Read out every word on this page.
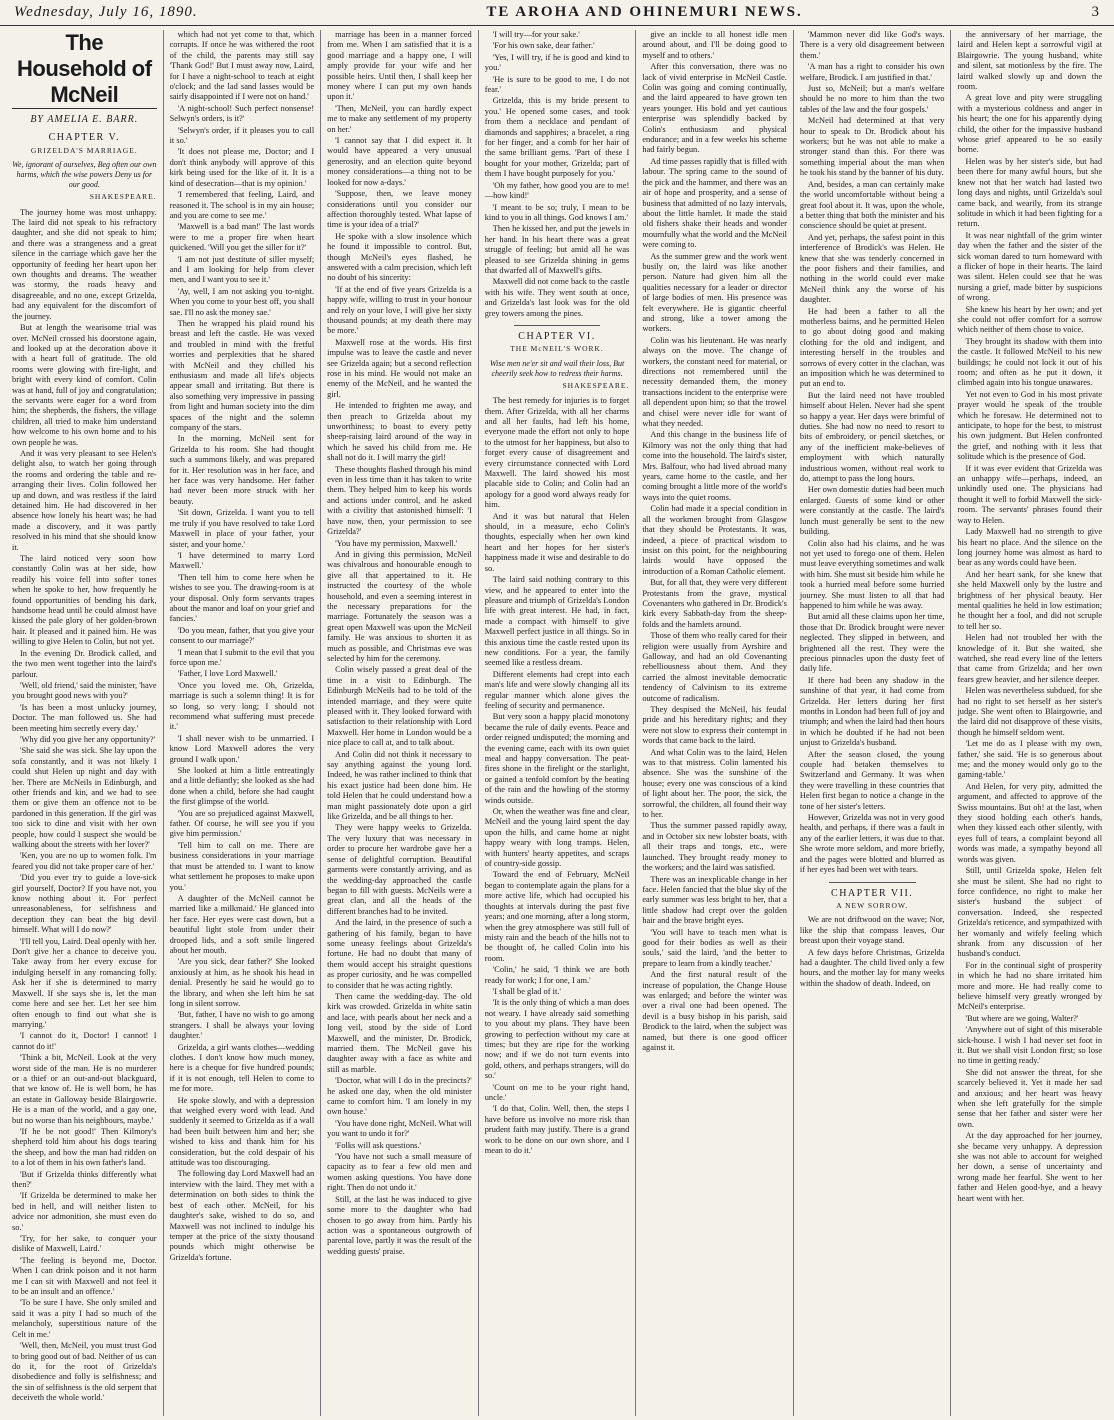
Wednesday, July 16, 1890.	TE AROHA AND OHINEMURI NEWS.	3
The Household of McNeil
BY AMELIA E. BARR.
CHAPTER V.
GRIZELDA'S MARRIAGE.
We, ignorant of ourselves, Beg often our own harms, which the wise powers Deny us for our good.
SHAKESPEARE.

The journey home was most unhappy. The laird did not speak to his refractory daughter, and she did not speak to him; and there was a strangeness and a great silence in the carriage which gave her the opportunity of feeding her heart upon her own thoughts and dreams. The weather was stormy, the roads heavy and disagreeable, and no one, except Grizelda, had any equivalent for the discomfort of the journey.

But at length the wearisome trial was over. McNeil crossed his doorstone again, and looked up at the decoration above it with a heart full of gratitude. The old rooms were glowing with fire-light, and bright with every kind of comfort. Colin was at hand, full of joy and congratulation; the servants were eager for a word from him; the shepherds, the fishers, the village children, all tried to make him understand how welcome to his own home and to his own people he was.

And it was very pleasant to see Helen's delight also, to watch her going through the rooms and ordering the table and re-arranging their lives. Colin followed her up and down, and was restless if the laird detained him. He had discovered in her absence how lonely his heart was; he had made a discovery, and it was partly resolved in his mind that she should know it.

The laird noticed very soon how constantly Colin was at her side, how readily his voice fell into softer tones when he spoke to her, how frequently he found opportunities of bending his dark, handsome head until he could almost have kissed the pale glory of her golden-brown hair. It pleased and it pained him. He was willing to give Helen to Colin, but not yet.

In the evening Dr. Brodick called, and the two men went together into the laird's parlour.

'Well, old friend,' said the minister, 'have you brought good news with you?'

'Is has been a most unlucky journey, Doctor. The man followed us. She had been meeting him secretly every day.'

'Why did you give her any opportunity?'

'She said she was sick. She lay upon the sofa constantly, and it was not likely I could shut Helen up night and day with her. There are McNeils in Edinburgh, and other friends and kin, and we had to see them or give them an offence not to be pardoned in this generation. If the girl was too sick to dine and visit with her own people, how could I suspect she would be walking about the streets with her lover?'

'Ken, you are no up to women folk. I'm feared you did not take proper care of her.'

'Did you ever try to guide a love-sick girl yourself, Doctor? If you have not, you know nothing about it. For perfect unreasonableness, for selfishness and deception they can beat the big devil himself. What will I do now?'

'I'll tell you, Laird. Deal openly with her. Don't give her a chance to deceive you. Take away from her every excuse for indulging herself in any romancing folly. Ask her if she is determined to marry Maxwell. If she says she is, let the man come here and see her. Let her see him often enough to find out what she is marrying.'

'I cannot do it, Doctor! I cannot! I cannot do it!'

'Think a bit, McNeil. Look at the very worst side of the man. He is no murderer or a thief or an out-and-out blackguard, that we know of. He is well born, he has an estate in Galloway beside Blairgowrie. He is a man of the world, and a gay one, but no worse than his neighbours, maybe.'

'If he be not good!' Then Kilmory's shepherd told him about his dogs tearing the sheep, and how the man had ridden on to a lot of them in his own father's land.

'But if Grizelda thinks differently what then?'

'If Grizelda be determined to make her bed in hell, and will neither listen to advice nor admonition, she must even do so.'

'Try, for her sake, to conquer your dislike of Maxwell, Laird.'

'The feeling is beyond me, Doctor. When I can drink poison and it not harm me I can sit with Maxwell and not feel it to be an insult and an offence.'

'To be sure I have. She only smiled and said it was a pity I had so much of the melancholy, superstitious nature of the Celt in me.'

'Well, then, McNeil, you must trust God to bring good out of bad. Neither of us can do it, for the root of Grizelda's disobedience and folly is selfishness; and the sin of selfishness is the old serpent that deceiveth the whole world.'

which had not yet come to that, which corrupts. If once he was withered the root of the child, the parents may still say 'Thank God!' But I must away now, Laird, for I have a night-school to teach at eight o'clock; and the lad sand lasses would be sairly disappointed if I were not on hand.'

'A night-school! Such perfect nonsense! Selwyn's orders, is it?'

'Selwyn's order, if it pleases you to call it so.'

'It does not please me, Doctor; and I don't think anybody will approve of this kirk being used for the like of it. It is a kind of desecration—that is my opinion.'

'I remembered that feeling, Laird, and reasoned it. The school is in my ain house; and you are come to see me.'

'Maxwell is a bad man!' The last words were to me a proper fire when heart quickened. 'Will you get the siller for it?'

'I am not just destitute of siller myself; and I am looking for help from clever men, and I want you to see it.'

'Ay, well, I am not asking you to-night. When you come to your best off, you shall sae. I'll no ask the money sae.'

Then he wrapped his plaid round his breast and left the castle. He was vexed and troubled in mind with the fretful worries and perplexities that he shared with McNeil and they chilled his enthusiasm and made all life's objects appear small and irritating. But there is also something very impressive in passing from light and human society into the dim spaces of the night and the solemn company of the stars.

In the morning, McNeil sent for Grizelda to his room. She had thought such a summons likely, and was prepared for it. Her resolution was in her face, and her face was very handsome. Her father had never been more struck with her beauty.

'Sit down, Grizelda. I want you to tell me truly if you have resolved to take Lord Maxwell in place of your father, your sister, and your home.'

'I have determined to marry Lord Maxwell.'

'Then tell him to come here when he wishes to see you. The drawing-room is at your disposal. Only form servants trapes about the manor and loaf on your grief and fancies.'

'Do you mean, father, that you give your consent to our marriage?'

'I mean that I submit to the evil that you force upon me.'

'Father, I love Lord Maxwell.'

'Once you loved me. Oh, Grizelda, marriage is such a solemn thing! It is for so long, so very long; I should not recommend what suffering must precede it.'

'I shall never wish to be unmarried. I know Lord Maxwell adores the very ground I walk upon.'

She looked at him a little entreatingly and a little defiantly; she looked as she had done when a child, before she had caught the first glimpse of the world.

'You are so prejudiced against Maxwell, father. Of course, he will see you if you give him permission.'

'Tell him to call on me. There are business considerations in your marriage that must be attended to. I want to know what settlement he proposes to make upon you.'

A daughter of the McNeil cannot be married like a milkmaid.' He glanced into her face. Her eyes were cast down, but a beautiful light stole from under their drooped lids, and a soft smile lingered about her mouth.

'Are you sick, dear father?' She looked anxiously at him, as he shook his head in denial. Presently he said he would go to the library, and when she left him he sat long in silent sorrow.

'But, father, I have no wish to go among strangers. I shall be always your loving daughter.'

Grizelda, a girl wants clothes—wedding clothes. I don't know how much money, here is a cheque for five hundred pounds; if it is not enough, tell Helen to come to me for more.

He spoke slowly, and with a depression that weighed every word with lead. And suddenly it seemed to Grizelda as if a wall had been built between him and her; she wished to kiss and thank him for his consideration, but the cold despair of his attitude was too discouraging.

The following day Lord Maxwell had an interview with the laird. They met with a determination on both sides to think the best of each other. McNeil, for his daughter's sake, wished to do so, and Maxwell was not inclined to indulge his temper at the price of the sixty thousand pounds which might otherwise be Grizelda's fortune.

marriage has been in a manner forced from me. When I am satisfied that it is a good marriage and a happy one, I will amply provide for your wife and her possible heirs. Until then, I shall keep her money where I can put my own hands upon it.'

'Then, McNeil, you can hardly expect me to make any settlement of my property on her.'

'I cannot say that I did expect it. It would have appeared a very unusual generosity, and an election quite beyond money considerations—a thing not to be looked for now a-days.'

'Suppose, then, we leave money considerations until you consider our affection thoroughly tested. What lapse of time is your idea of a trial?'

He spoke with a slow insolence which he found it impossible to control. But, though McNeil's eyes flashed, he answered with a calm precision, which left no doubt of his sincerity:

'If at the end of five years Grizelda is a happy wife, willing to trust in your honour and rely on your love, I will give her sixty thousand pounds; at my death there may be more.'

Maxwell rose at the words. His first impulse was to leave the castle and never see Grizelda again; but a second reflection rose in his mind. He would not make an enemy of the McNeil, and he wanted the girl.

He intended to frighten me away, and then preach to Grizelda about my unworthiness; to boast to every petty sheep-raising laird around of the way in which he saved his child from me. He shall not do it. I will marry the girl!

These thoughts flashed through his mind even in less time than it has taken to write them. They helped him to keep his words and actions under control, and he asked with a civility that astonished himself: 'I have now, then, your permission to see Grizelda?'

'You have my permission, Maxwell.'

And in giving this permission, McNeil was chivalrous and honourable enough to give all that appertained to it. He instructed the courtesy of the whole household, and even a seeming interest in the necessary preparations for the marriage. Fortunately the season was a great open Maxwell was upon the McNeil family. He was anxious to shorten it as much as possible, and Christmas eve was selected by him for the ceremony.

Colin wisely passed a great deal of the time in a visit to Edinburgh. The Edinburgh McNeils had to be told of the intended marriage, and they were quite pleased with it. They looked forward with satisfaction to their relationship with Lord Maxwell. Her home in London would be a nice place to call at, and to talk about.

And Colin did not think it necessary to say anything against the young lord. Indeed, he was rather inclined to think that his exact justice had been done him. He told Helen that he could understand how a man might passionately dote upon a girl like Grizelda, and be all things to her.

They were happy weeks to Grizelda. The very luxury that was necessary in order to procure her wardrobe gave her a sense of delightful corruption. Beautiful garments were constantly arriving, and as the wedding-day approached the castle began to fill with guests. McNeils were a great clan, and all the heads of the different branches had to be invited.

And the laird, in the presence of such a gathering of his family, began to have some uneasy feelings about Grizelda's fortune. He had no doubt that many of them would accept his straight questions as proper curiosity, and he was compelled to consider that he was acting rightly.

Then came the wedding-day. The old kirk was crowded. Grizelda in white satin and lace, with pearls about her neck and a long veil, stood by the side of Lord Maxwell, and the minister, Dr. Brodick, married them. The McNeil gave his daughter away with a face as white and still as marble.

'Doctor, what will I do in the precincts?' he asked one day, when the old minister came to comfort him. 'I am lonely in my own house.'

'You have done right, McNeil. What will you want to undo it for?'

'Folks will ask questions.'

'You have not such a small measure of capacity as to fear a few old men and women asking questions. You have done right. Then do not undo it.'

Still, at the last he was induced to give some more to the daughter who had chosen to go away from him. Partly his action was a spontaneous outgrowth of parental love, partly it was the result of the wedding guests' praise.

'I will try—for your sake.'

'For his own sake, dear father.'

'Yes, I will try, if he is good and kind to you.'

'He is sure to be good to me, I do not fear.'

Grizelda, this is my bride present to you.' He opened some cases, and took from them a necklace and pendant of diamonds and sapphires; a bracelet, a ring for her finger, and a comb for her hair of the same brilliant gems. 'Part of these I bought for your mother, Grizelda; part of them I have bought purposely for you.'

'Oh my father, how good you are to me!—how kind!'

'I meant to be so; truly, I mean to be kind to you in all things. God knows I am.'

Then he kissed her, and put the jewels in her hand. In his heart there was a great struggle of feeling; but amid all he was pleased to see Grizelda shining in gems that dwarfed all of Maxwell's gifts.

Maxwell did not come back to the castle with his wife. They went south at once, and Grizelda's last look was for the old grey towers among the pines.

CHAPTER VI.
THE McNEIL'S WORK.
Wise men ne'er sit and wail their loss, But cheerily seek how to redress their harms.
SHAKESPEARE.

The best remedy for injuries is to forget them. After Grizelda, with all her charms and all her faults, had left his home, everyone made the effort not only to hope to the utmost for her happiness, but also to forget every cause of disagreement and every circumstance connected with Lord Maxwell. The laird showed his most placable side to Colin; and Colin had an apology for a good word always ready for him.

And it was but natural that Helen should, in a measure, echo Colin's thoughts, especially when her own kind heart and her hopes for her sister's happiness made it wise and desirable to do so.

The laird said nothing contrary to this view, and he appeared to enter into the pleasure and triumph of Grizelda's London life with great interest. He had, in fact, made a compact with himself to give Maxwell perfect justice in all things. So in this anxious time the castle rested upon its new conditions. For a year, the family seemed like a restless dream.

Different elements had crept into each man's life and were slowly changing all its regular manner which alone gives the feeling of security and permanence.

But very soon a happy placid monotony became the rule of daily events. Peace and order reigned undisputed; the morning and the evening came, each with its own quiet meal and happy conversation. The peat-fires shone in the firelight or the starlight, or gained a tenfold comfort by the beating of the rain and the howling of the stormy winds outside.

Or, when the weather was fine and clear, McNeil and the young laird spent the day upon the hills, and came home at night happy weary with long tramps. Helen, with hunters' hearty appetites, and scraps of country-side gossip.

Toward the end of February, McNeil began to contemplate again the plans for a more active life, which had occupied his thoughts at intervals during the past five years; and one morning, after a long storm, when the grey atmosphere was still full of misty rain and the beach of the hills not to be thought of, he called Colin into his room.

'Colin,' he said, 'I think we are both ready for work; I for one, I am.'

'I shall be glad of it.'

'It is the only thing of which a man does not weary. I have already said something to you about my plans. They have been growing to perfection without my care at times; but they are ripe for the working now; and if we do not turn events into gold, others, and perhaps strangers, will do so.'

'Count on me to be your right hand, uncle.'

'I do that, Colin. Well, then, the steps I have before us involve no more risk than prudent faith may justify. There is a grand work to be done on our own shore, and I mean to do it.'

give an inckle to all honest idle men around about, and I'll be doing good to myself and to others.'

After this conversation, there was no lack of vivid enterprise in McNeil Castle. Colin was going and coming continually, and the laird appeared to have grown ten years younger. His bold and yet cautious enterprise was splendidly backed by Colin's enthusiasm and physical endurance; and in a few weeks his scheme had fairly begun.

Ad time passes rapidly that is filled with labour. The spring came to the sound of the pick and the hammer, and there was an air of hope and prosperity, and a sense of business that admitted of no lazy intervals, about the little hamlet. It made the staid old fishers shake their heads and wonder mournfully what the world and the McNeil were coming to.

As the summer grew and the work went busily on, the laird was like another person. Nature had given him all the qualities necessary for a leader or director of large bodies of men. His presence was felt everywhere. He is gigantic cheerful and strong, like a tower among the workers.

Colin was his lieutenant. He was nearly always on the move. The change of workers, the constant need for material, or directions not remembered until the necessity demanded them, the money transactions incident to the enterprise were all dependent upon him; so that the trowel and chisel were never idle for want of what they needed.

And this change in the business life of Kilmory was not the only thing that had come into the household. The laird's sister, Mrs. Balfour, who had lived abroad many years, came home to the castle, and her coming brought a little more of the world's ways into the quiet rooms.

Colin had made it a special condition in all the workmen brought from Glasgow that they should be Protestants. It was, indeed, a piece of practical wisdom to insist on this point, for the neighbouring lairds would have opposed the introduction of a Roman Catholic element.

But, for all that, they were very different Protestants from the grave, mystical Covenanters who gathered in Dr. Brodick's kirk every Sabbath-day from the sheep-folds and the hamlets around.

Those of them who really cared for their religion were usually from Ayrshire and Galloway, and had an old Covenanting rebelliousness about them. And they carried the almost inevitable democratic tendency of Calvinism to its extreme outcome of radicalism.

They despised the McNeil, his feudal pride and his hereditary rights; and they were not slow to express their contempt in words that came back to the laird.

And what Colin was to the laird, Helen was to that mistress. Colin lamented his absence. She was the sunshine of the house; every one was conscious of a kind of light about her. The poor, the sick, the sorrowful, the children, all found their way to her.

Thus the summer passed rapidly away, and in October six new lobster boats, with all their traps and tongs, etc., were launched. They brought ready money to the workers; and the laird was satisfied.

There was an inexplicable change in her face. Helen fancied that the blue sky of the early summer was less bright to her, that a little shadow had crept over the golden hair and the brave bright eyes.

'You will have to teach men what is good for their bodies as well as their souls,' said the laird, 'and the better to prepare to learn from a kindly teacher.'

And the first natural result of the increase of population, the Change House was enlarged; and before the winter was over a rival one had been opened. The devil is a busy bishop in his parish, said Brodick to the laird, when the subject was named, but there is one good officer against it.

'Mammon never did like God's ways. There is a very old disagreement between them.'

'A man has a right to consider his own welfare, Brodick. I am justified in that.'

Just so, McNeil; but a man's welfare should be no more to him than the two tables of the law and the four gospels.'

McNeil had determined at that very hour to speak to Dr. Brodick about his workers; but he was not able to make a stronger stand than this. For there was something imperial about the man when he took his stand by the banner of his duty.

And, besides, a man can certainly make the world uncomfortable without being a great fool about it. It was, upon the whole, a better thing that both the minister and his conscience should be quiet at present.

And yet, perhaps, the safest point in this interference of Brodick's was Helen. He knew that she was tenderly concerned in the poor fishers and their families, and nothing in the world could ever make McNeil think any the worse of his daughter.

He had been a father to all the motherless bairns, and he permitted Helen to go about doing good and making clothing for the old and indigent, and interesting herself in the troubles and sorrows of every cotter in the clachan, was an imposition which he was determined to put an end to.

But the laird need not have troubled himself about Helen. Never had she spent so happy a year. Her days were brimful of duties. She had now no need to resort to bits of embroidery, or pencil sketches, or any of the inefficient make-believes of employment with which naturally industrious women, without real work to do, attempt to pass the long hours.

Her own domestic duties had been much enlarged. Guests of some kind or other were constantly at the castle. The laird's lunch must generally be sent to the new building.

Colin also had his claims, and he was not yet used to forego one of them. Helen must leave everything sometimes and walk with him. She must sit beside him while he took a hurried meal before some hurried journey. She must listen to all that had happened to him while he was away.

But amid all these claims upon her time, those that Dr. Brodick brought were never neglected. They slipped in between, and brightened all the rest. They were the precious pinnacles upon the dusty feet of daily life.

If there had been any shadow in the sunshine of that year, it had come from Grizelda. Her letters during her first months in London had been full of joy and triumph; and when the laird had then hours in which he doubted if he had not been unjust to Grizelda's husband.

After the season closed, the young couple had betaken themselves to Switzerland and Germany. It was when they were travelling in these countries that Helen first began to notice a change in the tone of her sister's letters.

However, Grizelda was not in very good health, and perhaps, if there was a fault in any of the earlier letters, it was due to that. She wrote more seldom, and more briefly, and the pages were blotted and blurred as if her eyes had been wet with tears.

CHAPTER VII.
A NEW SORROW.

We are not driftwood on the wave; Nor, like the ship that compass leaves, Our breast upon their voyage stand.

A few days before Christmas, Grizelda had a daughter. The child lived only a few hours, and the mother lay for many weeks within the shadow of death. Indeed, on

the anniversary of her marriage, the laird and Helen kept a sorrowful vigil at Blairgowrie. The young husband, white and silent, sat motionless by the fire. The laird walked slowly up and down the room.

A great love and pity were struggling with a mysterious coldness and anger in his heart; the one for his apparently dying child, the other for the impassive husband whose grief appeared to be so easily borne.

Helen was by her sister's side, but had been there for many awful hours, but she knew not that her watch had lasted two long days and nights, until Grizelda's soul came back, and wearily, from its strange solitude in which it had been fighting for a return.

It was near nightfall of the grim winter day when the father and the sister of the sick woman dared to turn homeward with a flicker of hope in their hearts. The laird was silent. Helen could see that he was nursing a grief, made bitter by suspicions of wrong.

She knew his heart by her own; and yet she could not offer comfort for a sorrow which neither of them chose to voice.

They brought its shadow with them into the castle. It followed McNeil to his new buildings; he could not lock it out of his room; and often as he put it down, it climbed again into his tongue unawares.

Yet not even to God in his most private prayer would he speak of the trouble which he foresaw. He determined not to anticipate, to hope for the best, to mistrust his own judgment. But Helen confronted the grief, and nothing with it less that solitude which is the presence of God.

If it was ever evident that Grizelda was an unhappy wife—perhaps, indeed, an unkindly used one. The physicians had thought it well to forbid Maxwell the sick-room. The servants' phrases found their way to Helen.

Lady Maxwell had no strength to give his heart no place. And the silence on the long journey home was almost as hard to bear as any words could have been.

And her heart sank, for she knew that she held Maxwell only by the lustre and brightness of her physical beauty. Her mental qualities he held in low estimation; he thought her a fool, and did not scruple to tell her so.

Helen had not troubled her with the knowledge of it. But she waited, she watched, she read every line of the letters that came from Grizelda; and her own fears grew heavier, and her silence deeper.

Helen was nevertheless subdued, for she had no right to set herself as her sister's judge. She went often to Blairgowrie, and the laird did not disapprove of these visits, though he himself seldom went.

'Let me do as I please with my own, father,' she said. 'He is so generous about me; and the money would only go to the gaming-table.'

And Helen, for very pity, admitted the argument, and affected to approve of the Swiss mountains. But oh! at the last, when they stood holding each other's hands, when they kissed each other silently, with eyes full of tears, a complaint beyond all words was made, a sympathy beyond all words was given.

Still, until Grizelda spoke, Helen felt she must be silent. She had no right to force confidence, no right to make her sister's husband the subject of conversation. Indeed, she respected Grizelda's reticence, and sympathized with her womanly and wifely feeling which shrank from any discussion of her husband's conduct.

For in the continual sight of prosperity in which he had no share irritated him more and more. He had really come to believe himself very greatly wronged by McNeil's enterprise.

'But where are we going, Walter?'

'Anywhere out of sight of this miserable sick-house. I wish I had never set foot in it. But we shall visit London first; so lose no time in getting ready.'

She did not answer the threat, for she scarcely believed it. Yet it made her sad and anxious; and her heart was heavy when she left gratefully for the simple sense that her father and sister were her own.

At the day approached for her journey, she became very unhappy. A depression she was not able to account for weighed her down, a sense of uncertainty and wrong made her fearful. She went to her father and Helen good-bye, and a heavy heart went with her.
